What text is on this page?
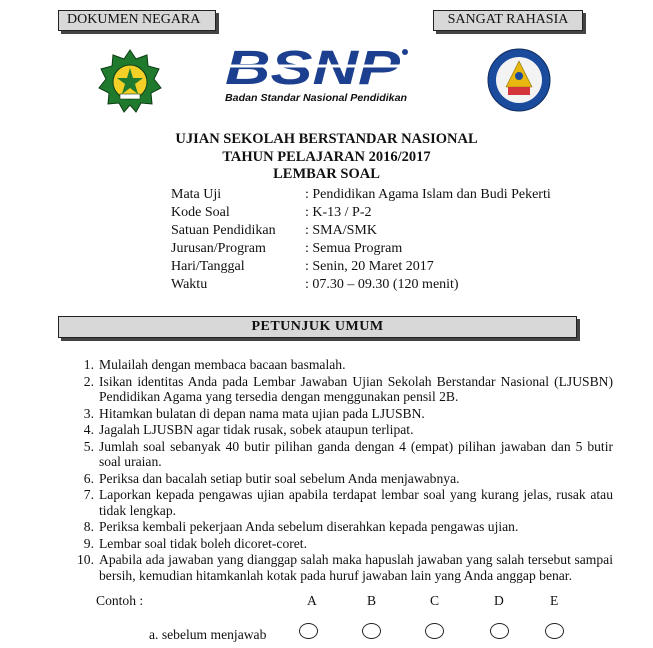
DOKUMEN NEGARA	SANGAT RAHASIA
BSNP
Badan Standar Nasional Pendidikan
UJIAN SEKOLAH BERSTANDAR NASIONAL
TAHUN PELAJARAN 2016/2017
LEMBAR SOAL
Mata Uji	: Pendidikan Agama Islam dan Budi Pekerti
Kode Soal	: K-13 / P-2
Satuan Pendidikan : SMA/SMK
Jurusan/Program	: Semua Program
Hari/Tanggal	: Senin, 20 Maret 2017
Waktu	: 07.30 – 09.30 (120 menit)
PETUNJUK UMUM
1. Mulailah dengan membaca bacaan basmalah.
2. Isikan identitas Anda pada Lembar Jawaban Ujian Sekolah Berstandar Nasional (LJUSBN) Pendidikan Agama yang tersedia dengan menggunakan pensil 2B.
3. Hitamkan bulatan di depan nama mata ujian pada LJUSBN.
4. Jagalah LJUSBN agar tidak rusak, sobek ataupun terlipat.
5. Jumlah soal sebanyak 40 butir pilihan ganda dengan 4 (empat) pilihan jawaban dan 5 butir soal uraian.
6. Periksa dan bacalah setiap butir soal sebelum Anda menjawabnya.
7. Laporkan kepada pengawas ujian apabila terdapat lembar soal yang kurang jelas, rusak atau tidak lengkap.
8. Periksa kembali pekerjaan Anda sebelum diserahkan kepada pengawas ujian.
9. Lembar soal tidak boleh dicoret-coret.
10. Apabila ada jawaban yang dianggap salah maka hapuslah jawaban yang salah tersebut sampai bersih, kemudian hitamkanlah kotak pada huruf jawaban lain yang Anda anggap benar.
Contoh :	A	B	C	D	E
a. sebelum menjawab
